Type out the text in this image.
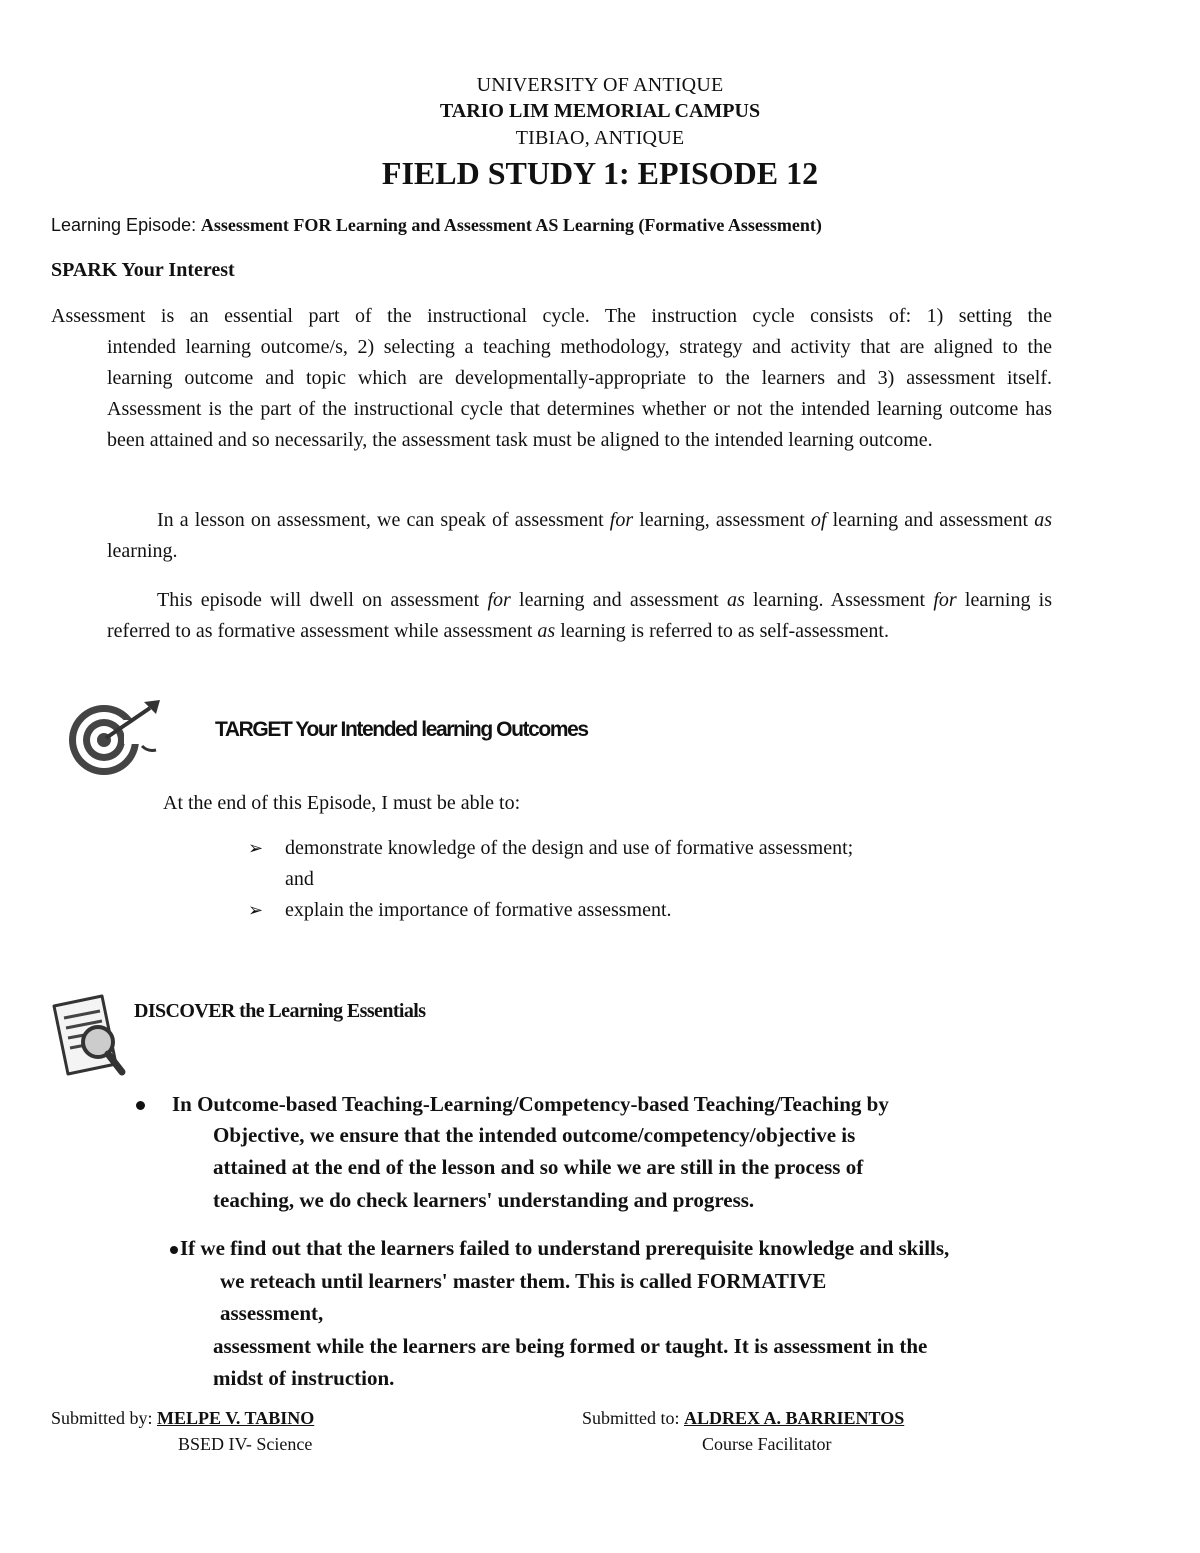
UNIVERSITY OF ANTIQUE

TARIO LIM MEMORIAL CAMPUS

TIBIAO, ANTIQUE

FIELD STUDY 1: EPISODE 12

Learning Episode: Assessment FOR Learning and Assessment AS Learning (Formative Assessment)

SPARK Your Interest

Assessment is an essential part of the instructional cycle. The instruction cycle consists of: 1) setting the

intended learning outcome/s, 2) selecting a teaching methodology, strategy and activity that are aligned to the learning outcome and topic which are developmentally-appropriate to the learners and 3) assessment itself. Assessment is the part of the instructional cycle that determines whether or not the intended learning outcome has been attained and so necessarily, the assessment task must be aligned to the intended learning outcome.

In a lesson on assessment, we can speak of assessment for learning, assessment of learning and assessment as learning.

This episode will dwell on assessment for learning and assessment as learning. Assessment for learning is referred to as formative assessment while assessment as learning is referred to as self-assessment.

TARGET Your Intended learning Outcomes

At the end of this Episode, I must be able to:

➢ demonstrate knowledge of the design and use of formative assessment;

and

➢ explain the importance of formative assessment.

DISCOVER the Learning Essentials

In Outcome-based Teaching-Learning/Competency-based Teaching/Teaching by

Objective, we ensure that the intended outcome/competency/objective is

attained at the end of the lesson and so while we are still in the process of

teaching, we do check learners' understanding and progress.

If we find out that the learners failed to understand prerequisite knowledge and skills,

we reteach until learners' master them. This is called FORMATIVE

assessment,

assessment while the learners are being formed or taught. It is assessment in the

midst of instruction.

Submitted by: MELPE V. TABINO

BSED IV- Science

Submitted to: ALDREX A. BARRIENTOS

Course Facilitator
